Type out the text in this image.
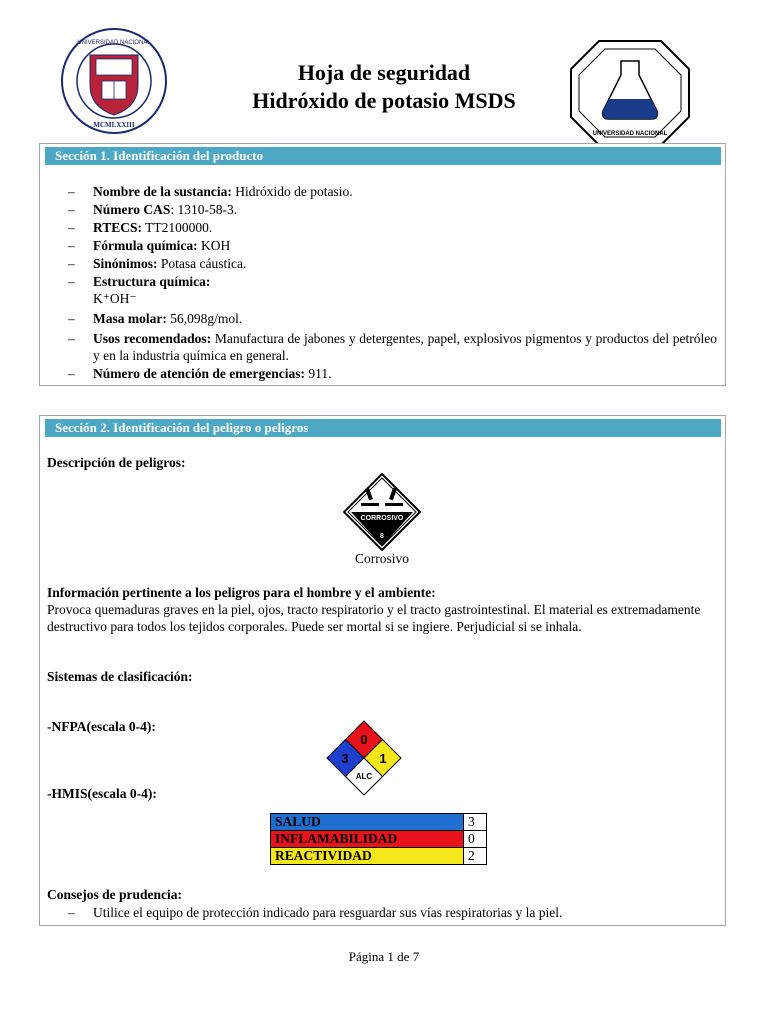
MCMLXXIII
UNIVERSIDAD NACIONAL
UNIVERSIDAD NACIONAL
Hoja de seguridad
Hidróxido de potasio MSDS
Sección 1. Identificación del producto
– Nombre de la sustancia: Hidróxido de potasio.
– Número CAS: 1310-58-3.
– RTECS: TT2100000.
– Fórmula química: KOH
– Sinónimos: Potasa cáustica.
– Estructura química:
K⁺OH⁻
– Masa molar: 56,098g/mol.
– Usos recomendados: Manufactura de jabones y detergentes, papel, explosivos pigmentos y productos del petróleo y en la industria química en general.
– Número de atención de emergencias: 911.
Sección 2. Identificación del peligro o peligros
Descripción de peligros:
CORROSIVO
8
Corrosivo
Información pertinente a los peligros para el hombre y el ambiente:
Provoca quemaduras graves en la piel, ojos, tracto respiratorio y el tracto gastrointestinal. El material es extremadamente destructivo para todos los tejidos corporales. Puede ser mortal si se ingiere. Perjudicial si se inhala.
Sistemas de clasificación:
-NFPA(escala 0-4):
0
3 1
ALC
-HMIS(escala 0-4):
SALUD	3
INFLAMABILIDAD	0
REACTIVIDAD	2
Consejos de prudencia:
– Utilice el equipo de protección indicado para resguardar sus vías respiratorias y la piel.
Página 1 de 7
